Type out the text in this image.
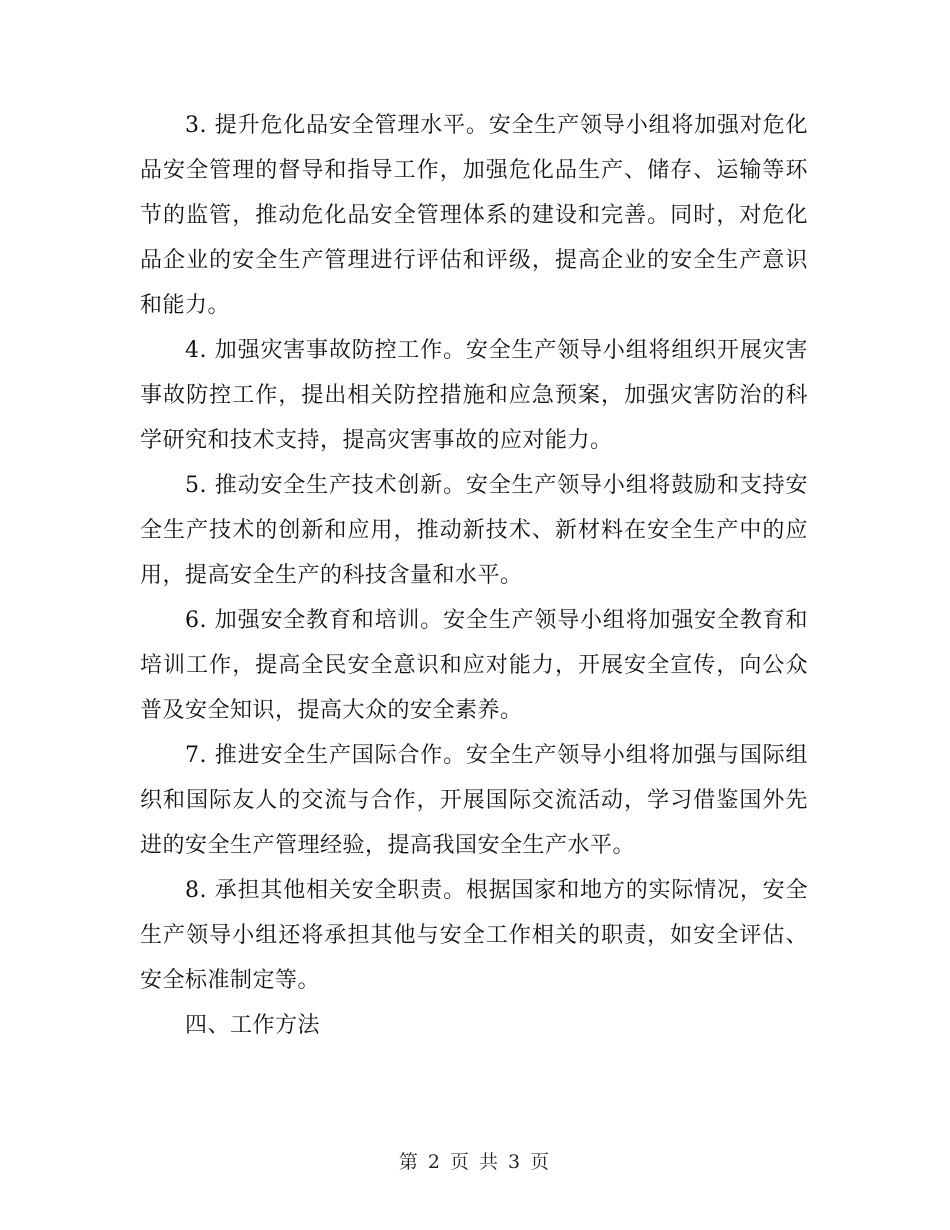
3. 提升危化品安全管理水平。安全生产领导小组将加强对危化品安全管理的督导和指导工作，加强危化品生产、储存、运输等环节的监管，推动危化品安全管理体系的建设和完善。同时，对危化品企业的安全生产管理进行评估和评级，提高企业的安全生产意识和能力。

4. 加强灾害事故防控工作。安全生产领导小组将组织开展灾害事故防控工作，提出相关防控措施和应急预案，加强灾害防治的科学研究和技术支持，提高灾害事故的应对能力。

5. 推动安全生产技术创新。安全生产领导小组将鼓励和支持安全生产技术的创新和应用，推动新技术、新材料在安全生产中的应用，提高安全生产的科技含量和水平。

6. 加强安全教育和培训。安全生产领导小组将加强安全教育和培训工作，提高全民安全意识和应对能力，开展安全宣传，向公众普及安全知识，提高大众的安全素养。

7. 推进安全生产国际合作。安全生产领导小组将加强与国际组织和国际友人的交流与合作，开展国际交流活动，学习借鉴国外先进的安全生产管理经验，提高我国安全生产水平。

8. 承担其他相关安全职责。根据国家和地方的实际情况，安全生产领导小组还将承担其他与安全工作相关的职责，如安全评估、安全标准制定等。

四、工作方法

第 2 页 共 3 页
